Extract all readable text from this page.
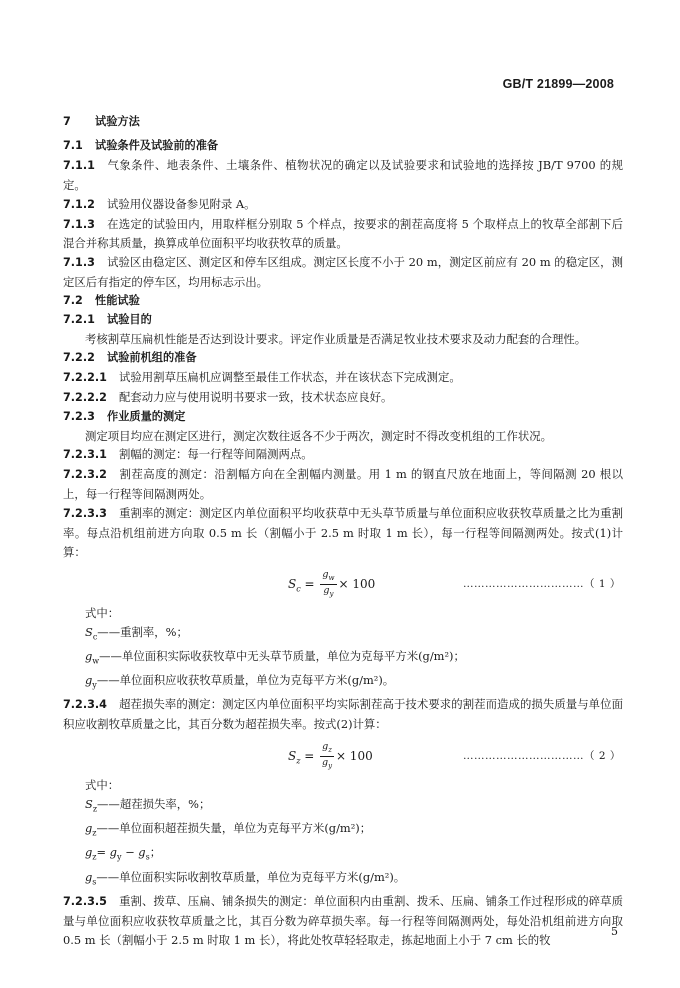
GB/T 21899—2008
7 试验方法
7.1 试验条件及试验前的准备
7.1.1 气象条件、地表条件、土壤条件、植物状况的确定以及试验要求和试验地的选择按 JB/T 9700 的规定。
7.1.2 试验用仪器设备参见附录 A。
7.1.3 在选定的试验田内，用取样框分别取 5 个样点，按要求的割茬高度将 5 个取样点上的牧草全部割下后混合并称其质量，换算成单位面积平均收获牧草的质量。
7.1.3 试验区由稳定区、测定区和停车区组成。测定区长度不小于 20 m，测定区前应有 20 m 的稳定区，测定区后有指定的停车区，均用标志示出。
7.2 性能试验
7.2.1 试验目的
考核割草压扁机性能是否达到设计要求。评定作业质量是否满足牧业技术要求及动力配套的合理性。
7.2.2 试验前机组的准备
7.2.2.1 试验用割草压扁机应调整至最佳工作状态，并在该状态下完成测定。
7.2.2.2 配套动力应与使用说明书要求一致，技术状态应良好。
7.2.3 作业质量的测定
测定项目均应在测定区进行，测定次数往返各不少于两次，测定时不得改变机组的工作状况。
7.2.3.1 割幅的测定：每一行程等间隔测两点。
7.2.3.2 割茬高度的测定：沿割幅方向在全割幅内测量。用 1 m 的钢直尺放在地面上，等间隔测 20 根以上，每一行程等间隔测两处。
7.2.3.3 重割率的测定：测定区内单位面积平均收获草中无头草节质量与单位面积应收获牧草质量之比为重割率。每点沿机组前进方向取 0.5 m 长（割幅小于 2.5 m 时取 1 m 长），每一行程等间隔测两处。按式(1)计算：
$S_c = \frac{g_w}{g_y} \times 100$	……………………………（ 1 ）
式中：
$S_c——$重割率，%；
$g_w——$单位面积实际收获牧草中无头草节质量，单位为克每平方米(g/m²)；
$g_y——$单位面积应收获牧草质量，单位为克每平方米(g/m²)。
7.2.3.4 超茬损失率的测定：测定区内单位面积平均实际割茬高于技术要求的割茬而造成的损失质量与单位面积应收割牧草质量之比，其百分数为超茬损失率。按式(2)计算：
$S_z = \frac{g_z}{g_y} \times 100$	……………………………（ 2 ）
式中：
$S_z——$超茬损失率，%；
$g_z——$单位面积超茬损失量，单位为克每平方米(g/m²)；
$g_z= g_y - g_s$；
$g_s——$单位面积实际收割牧草质量，单位为克每平方米(g/m²)。
7.2.3.5 重割、拨草、压扁、铺条损失的测定：单位面积内由重割、拨禾、压扁、铺条工作过程形成的碎草质量与单位面积应收获牧草质量之比，其百分数为碎草损失率。每一行程等间隔测两处，每处沿机组前进方向取 0.5 m 长（割幅小于 2.5 m 时取 1 m 长），将此处牧草轻轻取走，拣起地面上小于 7 cm 长的牧
5
